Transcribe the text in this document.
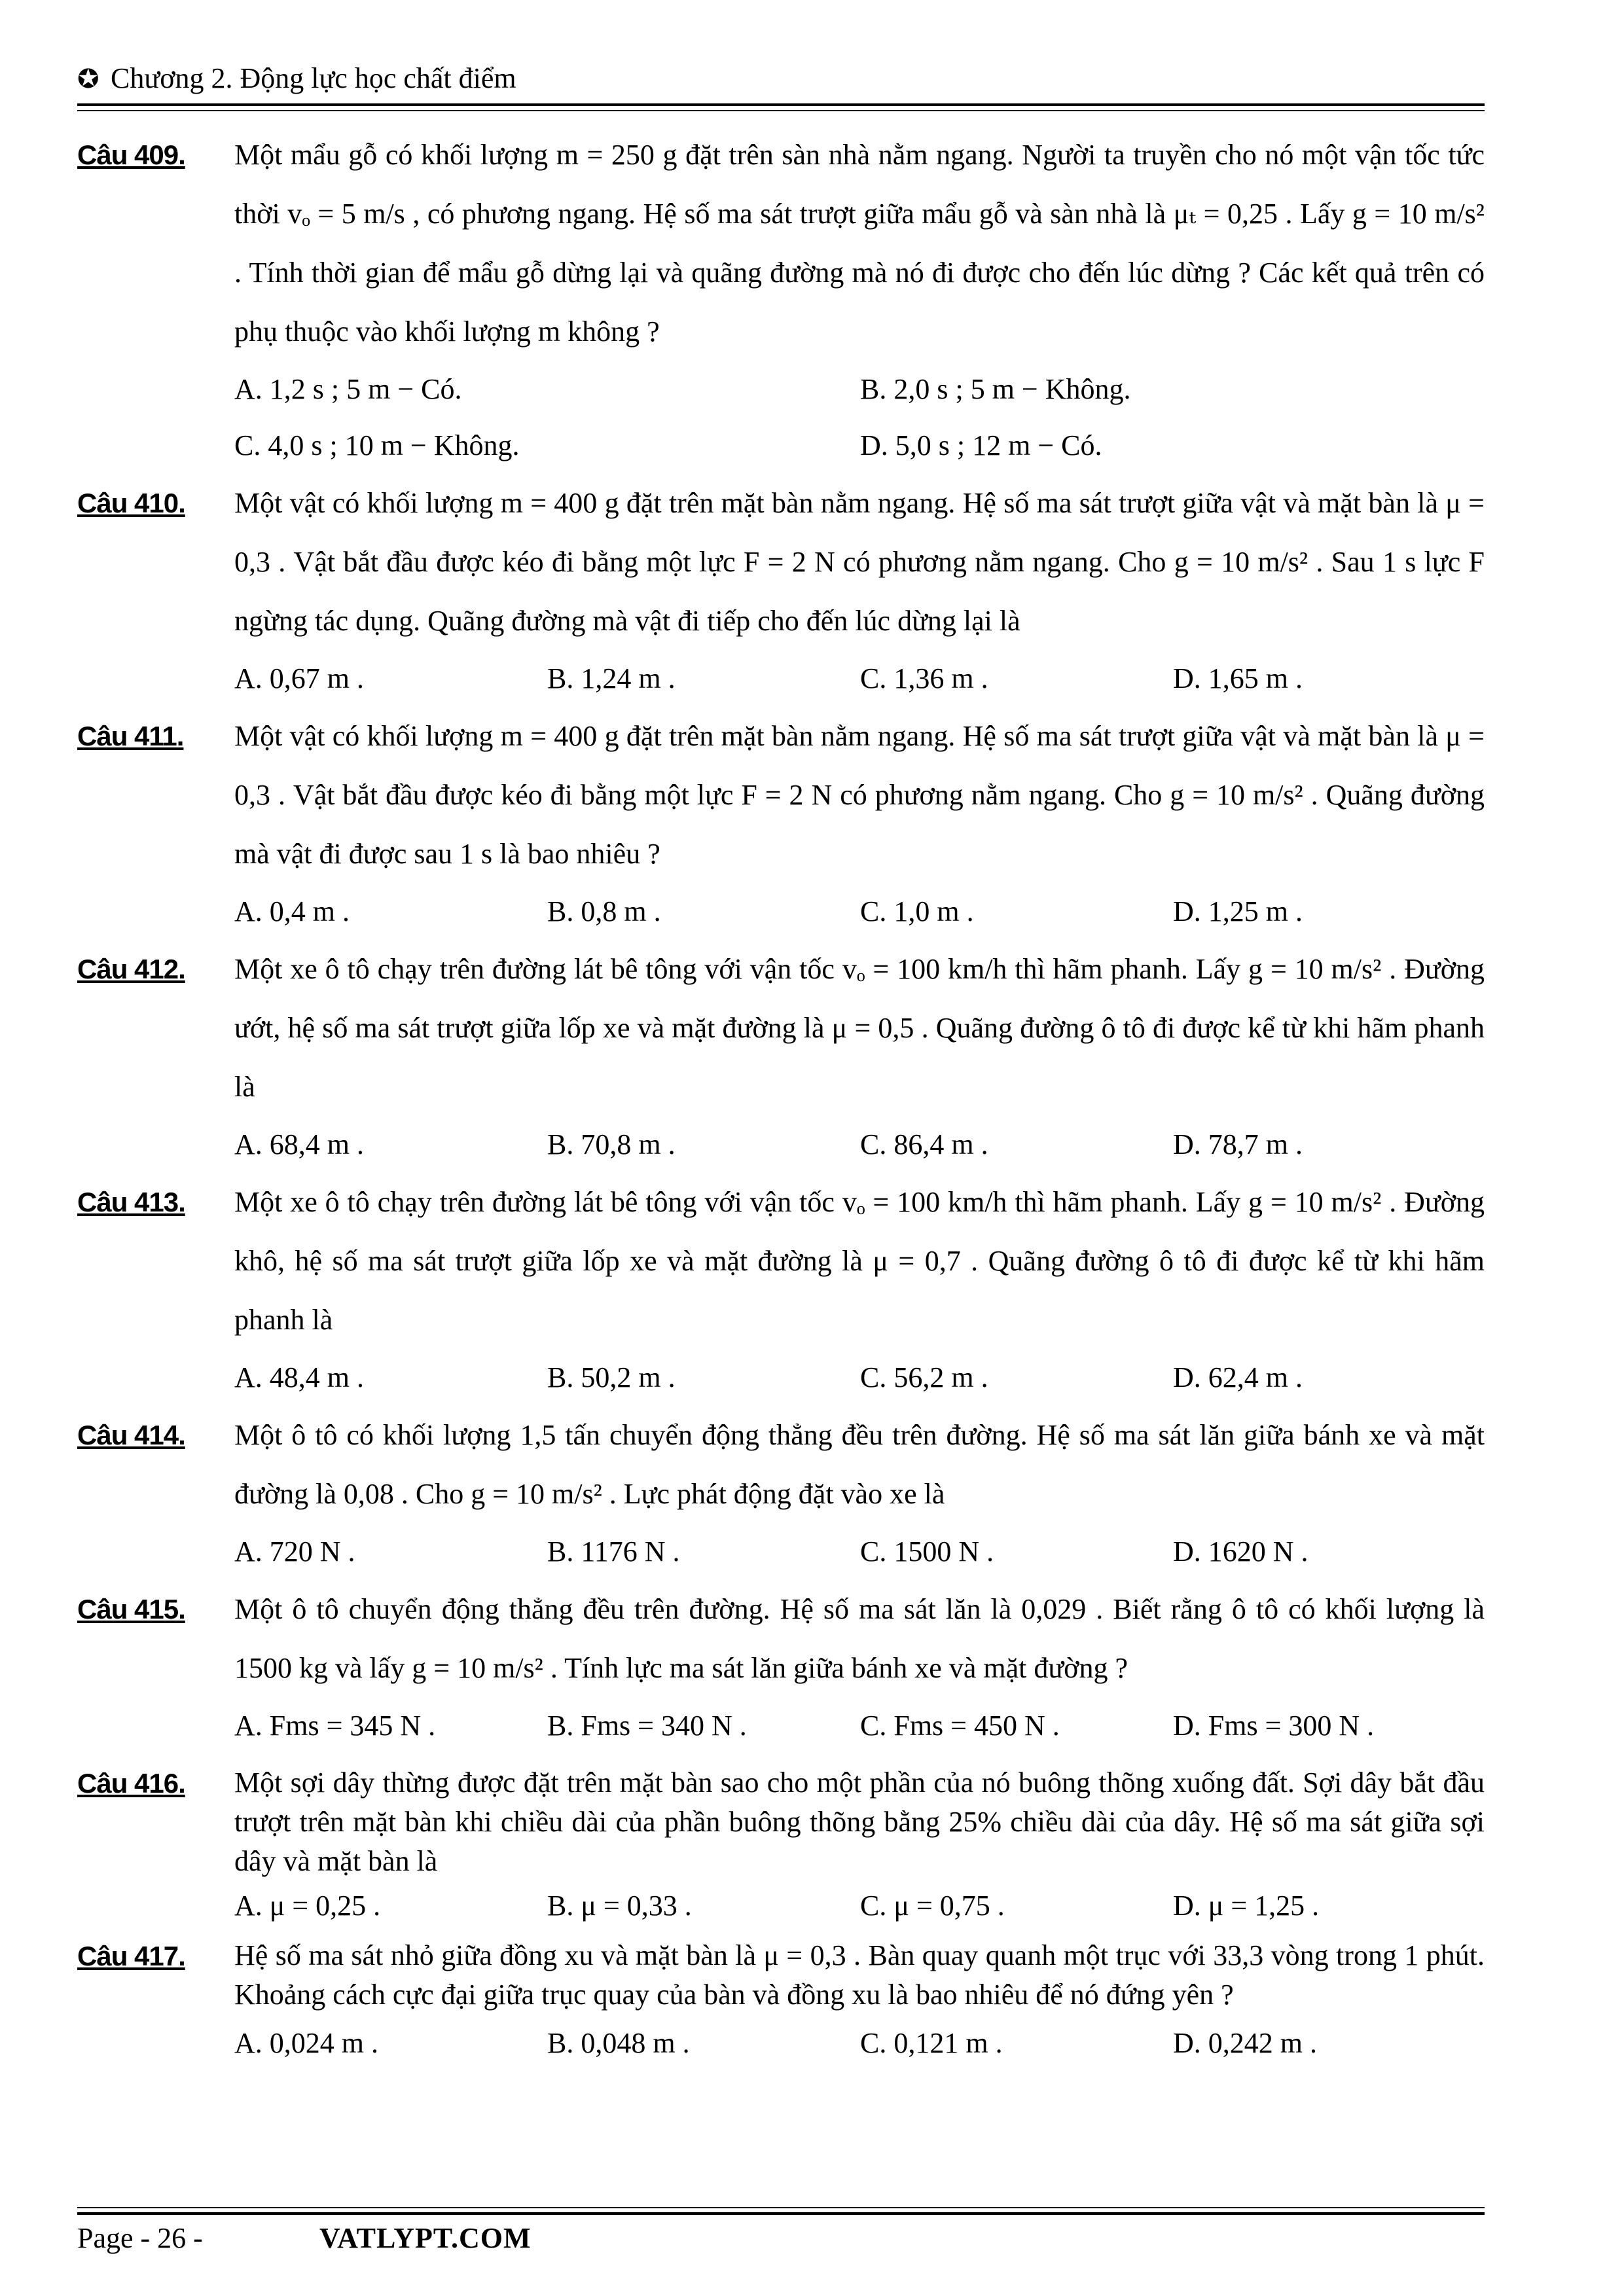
✪ Chương 2. Động lực học chất điểm
Câu 409. Một mẩu gỗ có khối lượng m = 250 g đặt trên sàn nhà nằm ngang. Người ta truyền cho nó một vận tốc tức thời vₒ = 5 m/s , có phương ngang. Hệ số ma sát trượt giữa mẩu gỗ và sàn nhà là μₜ = 0,25 . Lấy g = 10 m/s² . Tính thời gian để mẩu gỗ dừng lại và quãng đường mà nó đi được cho đến lúc dừng ? Các kết quả trên có phụ thuộc vào khối lượng m không ?
A. 1,2 s ; 5 m − Có.	B. 2,0 s ; 5 m − Không.
C. 4,0 s ; 10 m − Không.	D. 5,0 s ; 12 m − Có.
Câu 410. Một vật có khối lượng m = 400 g đặt trên mặt bàn nằm ngang. Hệ số ma sát trượt giữa vật và mặt bàn là μ = 0,3 . Vật bắt đầu được kéo đi bằng một lực F = 2 N có phương nằm ngang. Cho g = 10 m/s² . Sau 1 s lực F ngừng tác dụng. Quãng đường mà vật đi tiếp cho đến lúc dừng lại là
A. 0,67 m .	B. 1,24 m .	C. 1,36 m .	D. 1,65 m .
Câu 411. Một vật có khối lượng m = 400 g đặt trên mặt bàn nằm ngang. Hệ số ma sát trượt giữa vật và mặt bàn là μ = 0,3 . Vật bắt đầu được kéo đi bằng một lực F = 2 N có phương nằm ngang. Cho g = 10 m/s² . Quãng đường mà vật đi được sau 1 s là bao nhiêu ?
A. 0,4 m .	B. 0,8 m .	C. 1,0 m .	D. 1,25 m .
Câu 412. Một xe ô tô chạy trên đường lát bê tông với vận tốc vₒ = 100 km/h thì hãm phanh. Lấy g = 10 m/s² . Đường ướt, hệ số ma sát trượt giữa lốp xe và mặt đường là μ = 0,5 . Quãng đường ô tô đi được kể từ khi hãm phanh là
A. 68,4 m .	B. 70,8 m .	C. 86,4 m .	D. 78,7 m .
Câu 413. Một xe ô tô chạy trên đường lát bê tông với vận tốc vₒ = 100 km/h thì hãm phanh. Lấy g = 10 m/s² . Đường khô, hệ số ma sát trượt giữa lốp xe và mặt đường là μ = 0,7 . Quãng đường ô tô đi được kể từ khi hãm phanh là
A. 48,4 m .	B. 50,2 m .	C. 56,2 m .	D. 62,4 m .
Câu 414. Một ô tô có khối lượng 1,5 tấn chuyển động thẳng đều trên đường. Hệ số ma sát lăn giữa bánh xe và mặt đường là 0,08 . Cho g = 10 m/s² . Lực phát động đặt vào xe là
A. 720 N .	B. 1176 N .	C. 1500 N .	D. 1620 N .
Câu 415. Một ô tô chuyển động thẳng đều trên đường. Hệ số ma sát lăn là 0,029 . Biết rằng ô tô có khối lượng là 1500 kg và lấy g = 10 m/s² . Tính lực ma sát lăn giữa bánh xe và mặt đường ?
A. Fms = 345 N .	B. Fms = 340 N .	C. Fms = 450 N .	D. Fms = 300 N .
Câu 416. Một sợi dây thừng được đặt trên mặt bàn sao cho một phần của nó buông thõng xuống đất. Sợi dây bắt đầu trượt trên mặt bàn khi chiều dài của phần buông thõng bằng 25% chiều dài của dây. Hệ số ma sát giữa sợi dây và mặt bàn là
A. μ = 0,25 .	B. μ = 0,33 .	C. μ = 0,75 .	D. μ = 1,25 .
Câu 417. Hệ số ma sát nhỏ giữa đồng xu và mặt bàn là μ = 0,3 . Bàn quay quanh một trục với 33,3 vòng trong 1 phút. Khoảng cách cực đại giữa trục quay của bàn và đồng xu là bao nhiêu để nó đứng yên ?
A. 0,024 m .	B. 0,048 m .	C. 0,121 m .	D. 0,242 m .
Page - 26 -	VATLYPT.COM
